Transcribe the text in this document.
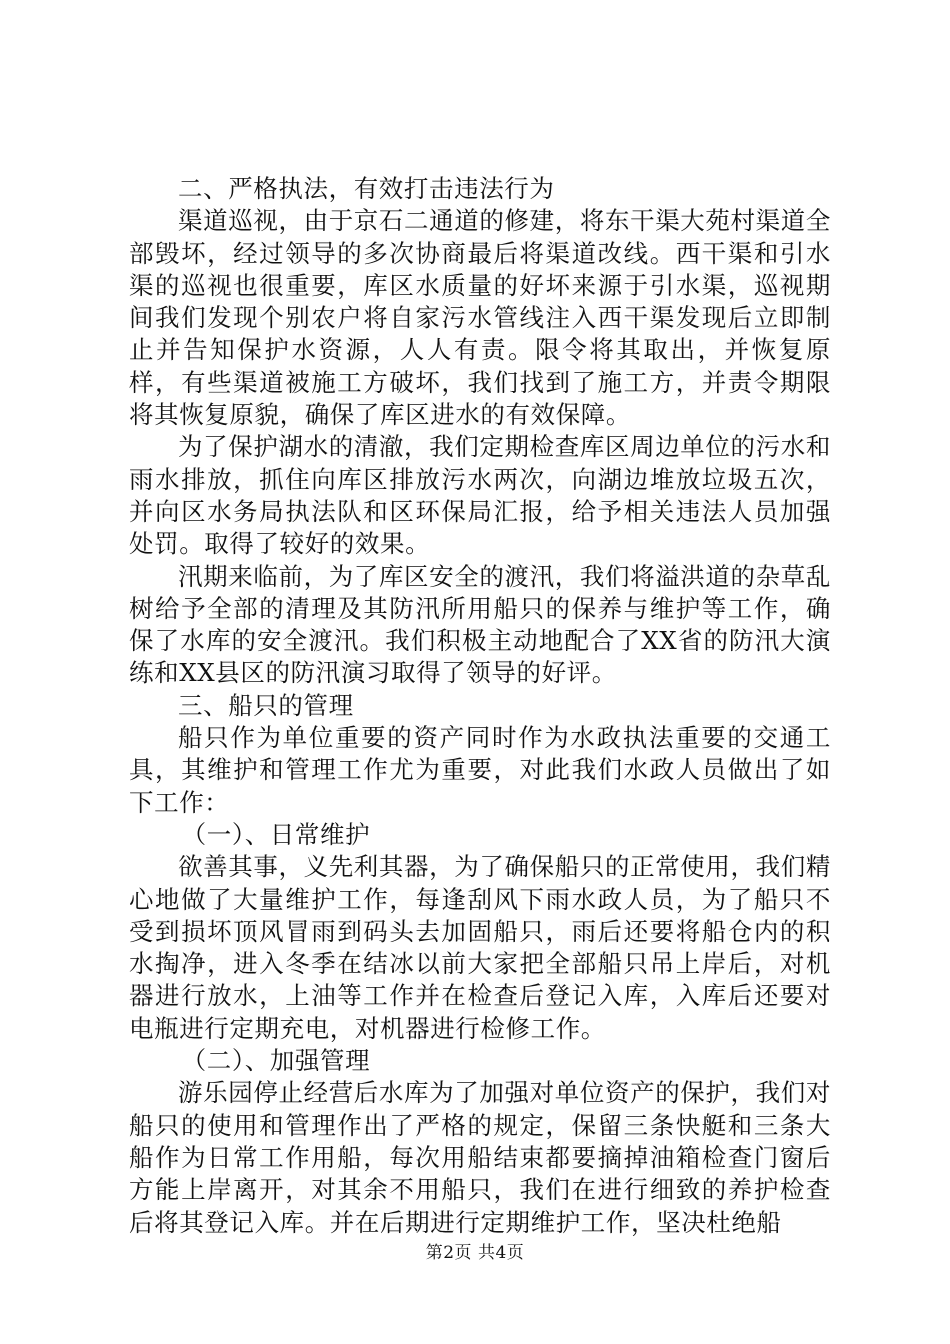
二、严格执法，有效打击违法行为

渠道巡视，由于京石二通道的修建，将东干渠大苑村渠道全部毁坏，经过领导的多次协商最后将渠道改线。西干渠和引水渠的巡视也很重要，库区水质量的好坏来源于引水渠，巡视期间我们发现个别农户将自家污水管线注入西干渠发现后立即制止并告知保护水资源，人人有责。限令将其取出，并恢复原样，有些渠道被施工方破坏，我们找到了施工方，并责令期限将其恢复原貌，确保了库区进水的有效保障。

为了保护湖水的清澈，我们定期检查库区周边单位的污水和雨水排放，抓住向库区排放污水两次，向湖边堆放垃圾五次，并向区水务局执法队和区环保局汇报，给予相关违法人员加强处罚。取得了较好的效果。

汛期来临前，为了库区安全的渡汛，我们将溢洪道的杂草乱树给予全部的清理及其防汛所用船只的保养与维护等工作，确保了水库的安全渡汛。我们积极主动地配合了XX省的防汛大演练和XX县区的防汛演习取得了领导的好评。

三、船只的管理

船只作为单位重要的资产同时作为水政执法重要的交通工具，其维护和管理工作尤为重要，对此我们水政人员做出了如下工作：

（一）、日常维护

欲善其事，义先利其器，为了确保船只的正常使用，我们精心地做了大量维护工作，每逢刮风下雨水政人员，为了船只不受到损坏顶风冒雨到码头去加固船只，雨后还要将船仓内的积水掏净，进入冬季在结冰以前大家把全部船只吊上岸后，对机器进行放水，上油等工作并在检查后登记入库，入库后还要对电瓶进行定期充电，对机器进行检修工作。

（二）、加强管理

游乐园停止经营后水库为了加强对单位资产的保护，我们对船只的使用和管理作出了严格的规定，保留三条快艇和三条大船作为日常工作用船，每次用船结束都要摘掉油箱检查门窗后方能上岸离开，对其余不用船只，我们在进行细致的养护检查后将其登记入库。并在后期进行定期维护工作，坚决杜绝船

第2页 共4页
